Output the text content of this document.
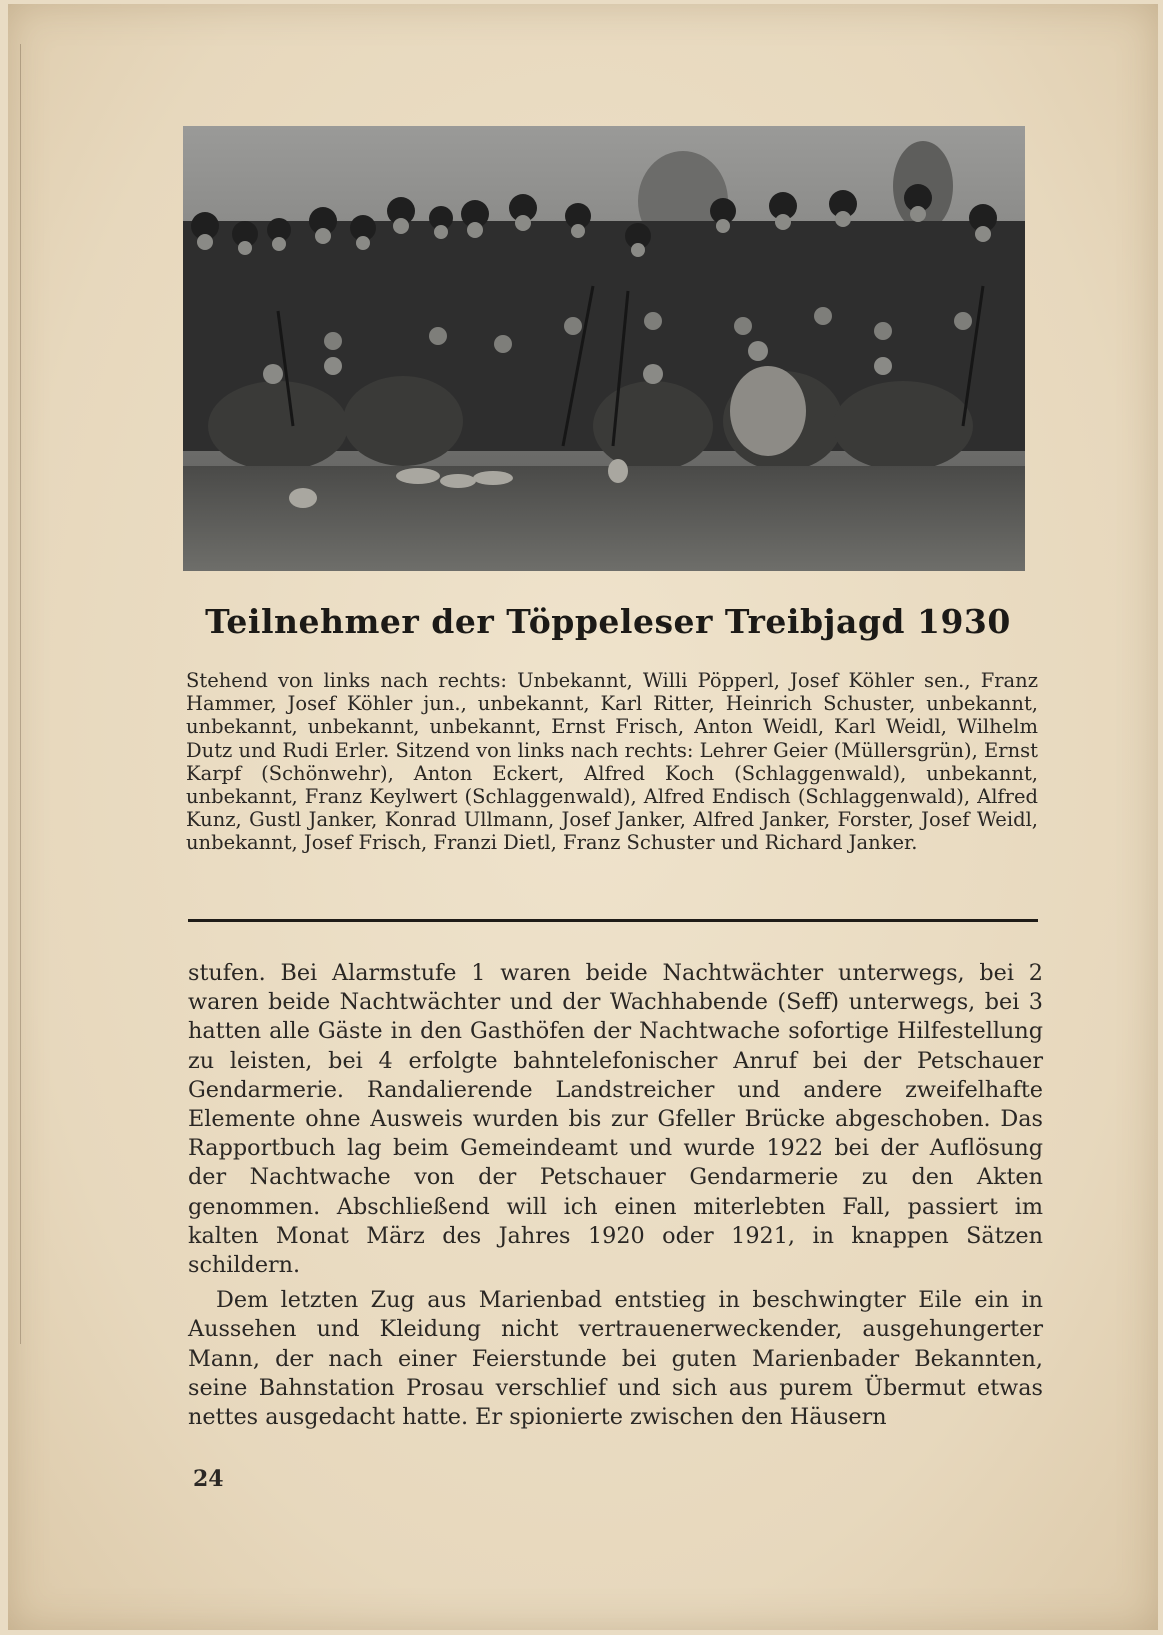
Teilnehmer der Töppeleser Treibjagd 1930
Stehend von links nach rechts: Unbekannt, Willi Pöpperl, Josef Köhler sen., Franz Hammer, Josef Köhler jun., unbekannt, Karl Ritter, Heinrich Schuster, unbekannt, unbekannt, unbekannt, unbekannt, Ernst Frisch, Anton Weidl, Karl Weidl, Wilhelm Dutz und Rudi Erler. Sitzend von links nach rechts: Lehrer Geier (Müllersgrün), Ernst Karpf (Schönwehr), Anton Eckert, Alfred Koch (Schlaggenwald), unbekannt, unbekannt, Franz Keylwert (Schlaggenwald), Alfred Endisch (Schlaggenwald), Alfred Kunz, Gustl Janker, Konrad Ullmann, Josef Janker, Alfred Janker, Forster, Josef Weidl, unbekannt, Josef Frisch, Franzi Dietl, Franz Schuster und Richard Janker.

stufen. Bei Alarmstufe 1 waren beide Nachtwächter unterwegs, bei 2 waren beide Nachtwächter und der Wachhabende (Seff) unterwegs, bei 3 hatten alle Gäste in den Gasthöfen der Nachtwache sofortige Hilfestellung zu leisten, bei 4 erfolgte bahntelefonischer Anruf bei der Petschauer Gendarmerie. Randalierende Landstreicher und andere zweifelhafte Elemente ohne Ausweis wurden bis zur Gfeller Brücke abgeschoben. Das Rapportbuch lag beim Gemeindeamt und wurde 1922 bei der Auflösung der Nachtwache von der Petschauer Gendarmerie zu den Akten genommen. Abschließend will ich einen miterlebten Fall, passiert im kalten Monat März des Jahres 1920 oder 1921, in knappen Sätzen schildern.

Dem letzten Zug aus Marienbad entstieg in beschwingter Eile ein in Aussehen und Kleidung nicht vertrauenerweckender, ausgehungerter Mann, der nach einer Feierstunde bei guten Marienbader Bekannten, seine Bahnstation Prosau verschlief und sich aus purem Übermut etwas nettes ausgedacht hatte. Er spionierte zwischen den Häusern

24
